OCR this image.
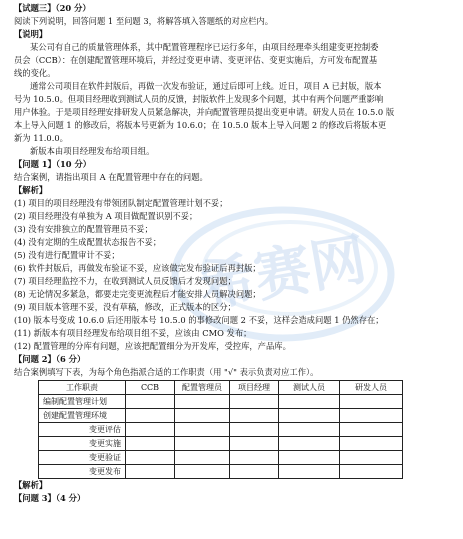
希赛网
【试题三】（20 分）
阅读下列说明，回答问题 1 至问题 3，将解答填入答题纸的对应栏内。
【说明】
某公司有自己的质量管理体系，其中配置管理程序已运行多年，由项目经理牵头组建变更控制委
员会（CCB）：在创建配置管理环境后，并经过变更申请、变更评估、变更实施后，方可发布配置基
线的变化。
通常公司项目在软件封版后，再做一次发布验证，通过后即可上线。近日，项目 A 已封版，版本
号为 10.5.0。但项目经理收到测试人员的反馈，封版软件上发现多个问题，其中有两个问题严重影响
用户体验。于是项目经理安排研发人员紧急解决，并向配置管理员提出变更申请。研发人员在 10.5.0 版
本上导入问题 1 的修改后，将版本号更新为 10.6.0；在 10.5.0 版本上导入问题 2 的修改后将版本更
新为 11.0.0。
新版本由项目经理发布给项目组。
【问题 1】（10 分）
结合案例，请指出项目 A 在配置管理中存在的问题。
【解析】
(1) 项目的项目经理没有带领团队制定配置管理计划不妥；
(2) 项目经理没有单独为 A 项目做配置识别不妥；
(3) 没有安排独立的配置管理员不妥；
(4) 没有定期的生成配置状态报告不妥；
(5) 没有进行配置审计不妥；
(6) 软件封版后，再做发布验证不妥，应该做完发布验证后再封版；
(7) 项目经理监控不力，在收到测试人员反馈后才发现问题；
(8) 无论情况多紧急，都要走完变更流程后才能安排人员解决问题；
(9) 项目版本管理不妥，没有草稿，修改，正式版本的区分；
(10) 版本号变成 10.6.0 后还用版本号 10.5.0 的事修改问题 2 不妥，这样会造成问题 1 仍然存在；
(11) 新版本有项目经理发布给项目组不妥，应该由 CMO 发布；
(12) 配置管理的分库有问题，应该把配置细分为开发库，受控库，产品库。
【问题 2】（6 分）
结合案例填写下表，为每个角色指派合适的工作职责（用 "√" 表示负责对应工作）。
工作职责	CCB	配置管理员	项目经理	测试人员	研发人员
编制配置管理计划					
创建配置管理环境					
变更评估					
变更实施					
变更验证					
变更发布					
【解析】
【问题 3】（4 分）
